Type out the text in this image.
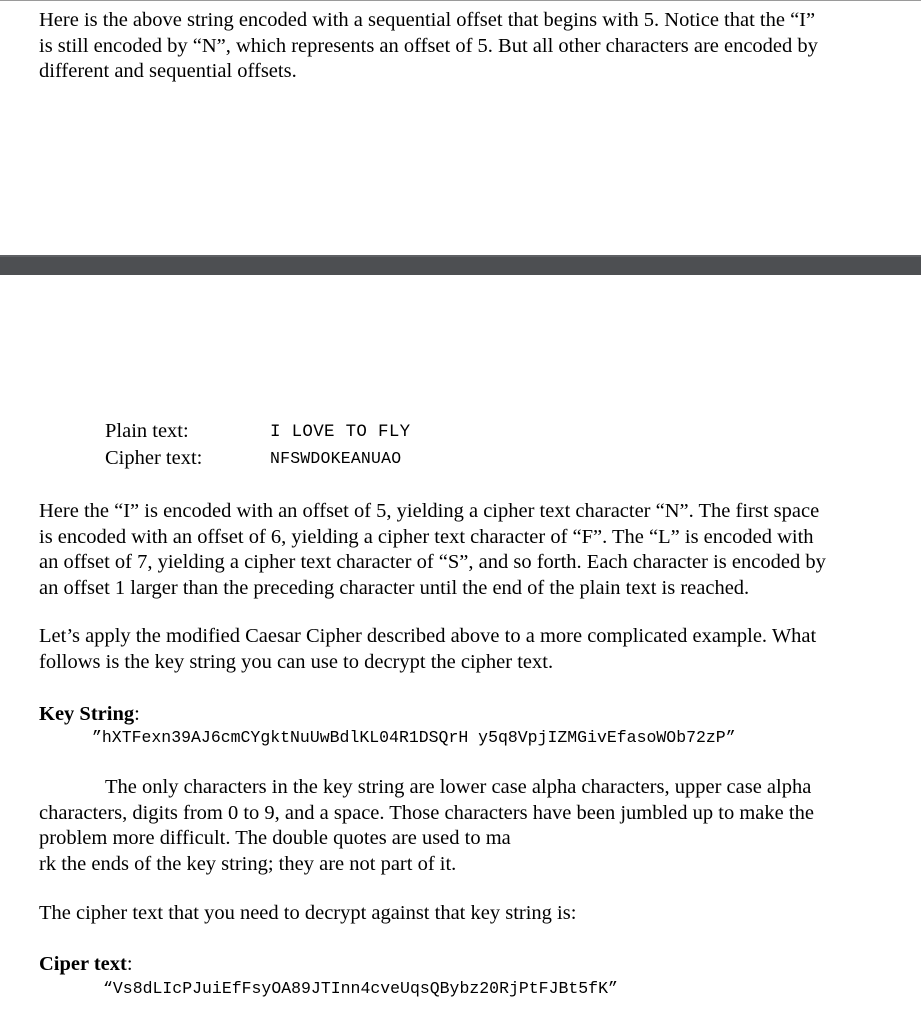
Here is the above string encoded with a sequential offset that begins with 5. Notice that the “I”
is still encoded by “N”, which represents an offset of 5. But all other characters are encoded by
different and sequential offsets.

Plain text:	I LOVE TO FLY
Cipher text:	NFSWDOKEANUAO

Here the “I” is encoded with an offset of 5, yielding a cipher text character “N”. The first space
is encoded with an offset of 6, yielding a cipher text character of “F”. The “L” is encoded with
an offset of 7, yielding a cipher text character of “S”, and so forth. Each character is encoded by
an offset 1 larger than the preceding character until the end of the plain text is reached.

Let’s apply the modified Caesar Cipher described above to a more complicated example. What
follows is the key string you can use to decrypt the cipher text.

Key String:
”hXTFexn39AJ6cmCYgktNuUwBdlKL04R1DSQrH y5q8VpjIZMGivEfasoWOb72zP”

The only characters in the key string are lower case alpha characters, upper case alpha
characters, digits from 0 to 9, and a space. Those characters have been jumbled up to make the
problem more difficult. The double quotes are used to ma
rk the ends of the key string; they are not part of it.

The cipher text that you need to decrypt against that key string is:

Ciper text:
“Vs8dLIcPJuiEfFsyOA89JTInn4cveUqsQBybz20RjPtFJBt5fK”
